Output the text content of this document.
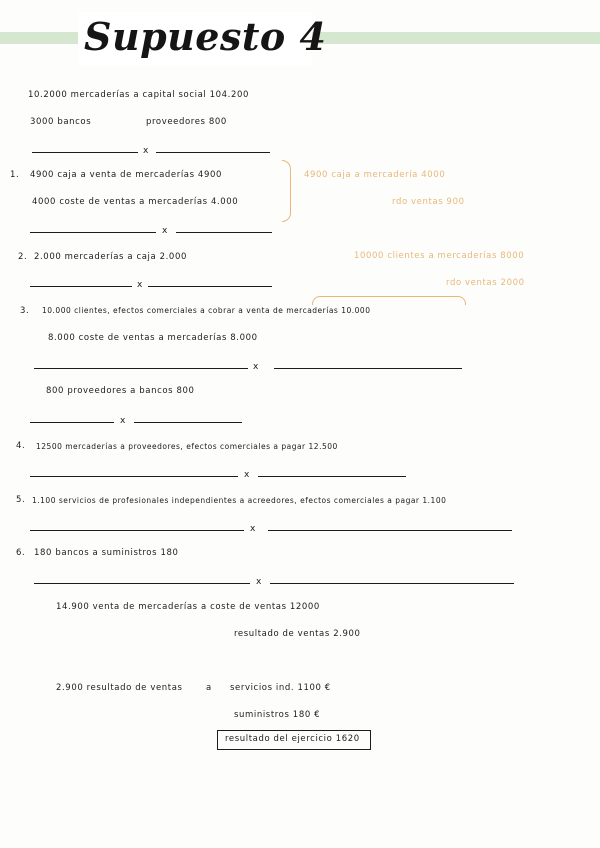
Supuesto 4
10.2000 mercaderías a capital social 104.200
3000 bancos	proveedores 800
x
1. 4900 caja a venta de mercaderías 4900
4000 coste de ventas a mercaderías 4.000
4900 caja a mercadería 4000
rdo ventas 900
x
2. 2.000 mercaderías a caja 2.000	10000 clientes a mercaderías 8000
rdo ventas 2000
x
3. 10.000 clientes, efectos comerciales a cobrar a venta de mercaderías 10.000
8.000 coste de ventas a mercaderías 8.000
x
800 proveedores a bancos 800
x
4. 12500 mercaderías a proveedores, efectos comerciales a pagar 12.500
x
5. 1.100 servicios de profesionales independientes a acreedores, efectos comerciales a pagar 1.100
x
6. 180 bancos a suministros 180
x
14.900 venta de mercaderías a coste de ventas 12000
resultado de ventas 2.900
2.900 resultado de ventas	a servicios ind. 1100 €
suministros 180 €
resultado del ejercicio 1620
